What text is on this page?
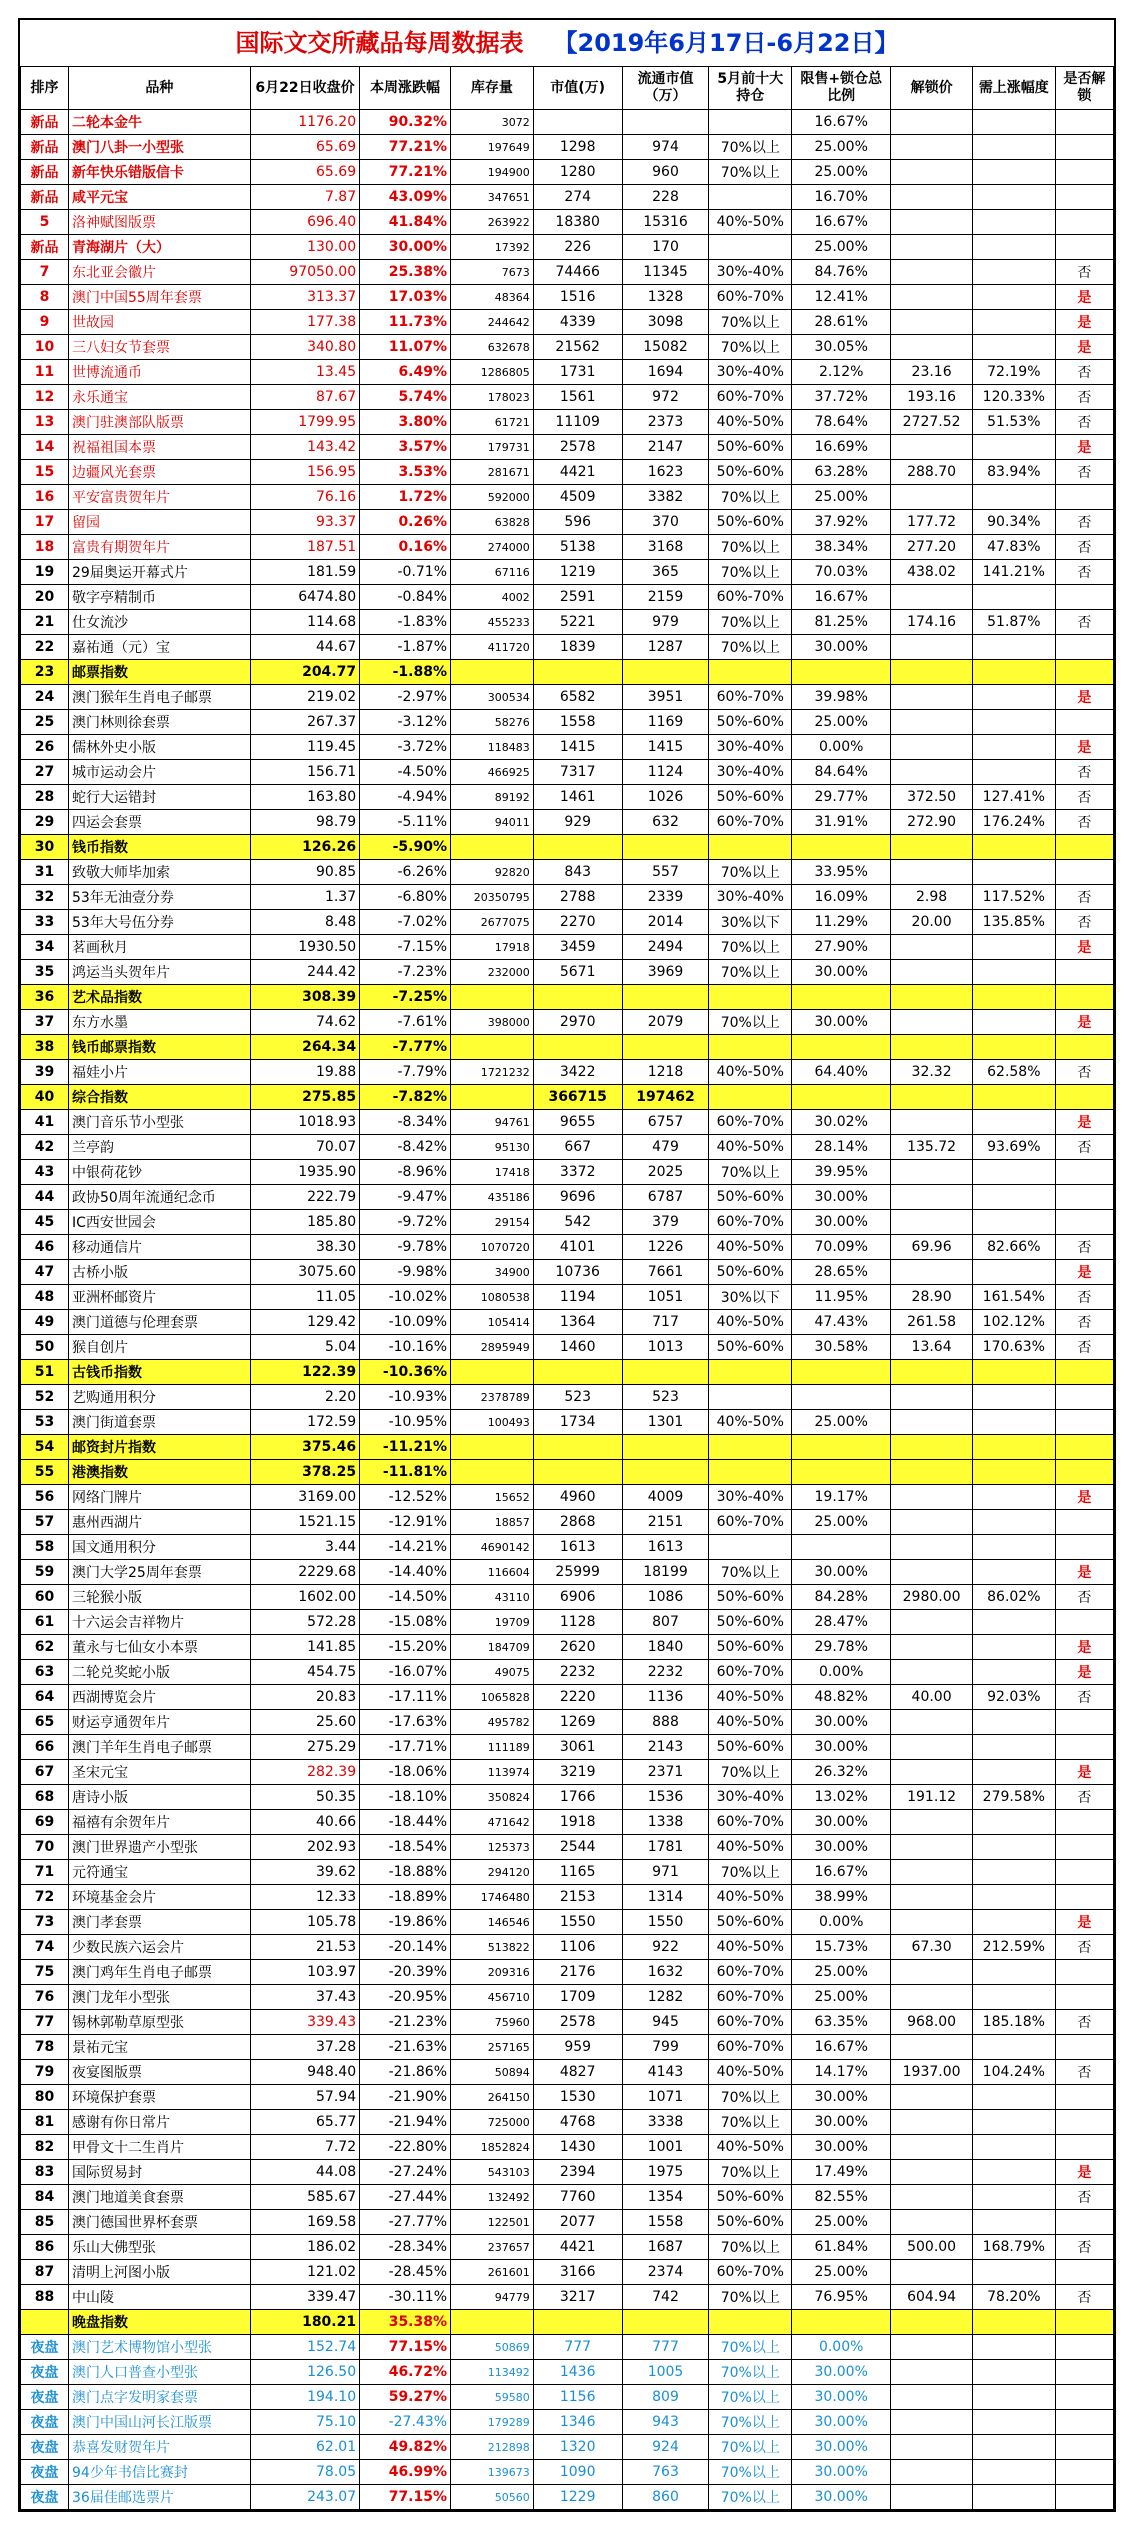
国际文交所藏品每周数据表 【2019年6月17日-6月22日】
排序	品种	6月22日收盘价	本周涨跌幅	库存量	市值(万)	流通市值（万）	5月前十大持仓	限售+锁仓总比例	解锁价	需上涨幅度	是否解锁
新品	二轮本金牛	1176.20	90.32%	3072				16.67%			
新品	澳门八卦一小型张	65.69	77.21%	197649	1298	974	70%以上	25.00%			
新品	新年快乐错版信卡	65.69	77.21%	194900	1280	960	70%以上	25.00%			
新品	咸平元宝	7.87	43.09%	347651	274	228		16.70%			
5	洛神赋图版票	696.40	41.84%	263922	18380	15316	40%-50%	16.67%			
新品	青海湖片（大）	130.00	30.00%	17392	226	170		25.00%			
7	东北亚会徽片	97050.00	25.38%	7673	74466	11345	30%-40%	84.76%			否
8	澳门中国55周年套票	313.37	17.03%	48364	1516	1328	60%-70%	12.41%			是
9	世故园	177.38	11.73%	244642	4339	3098	70%以上	28.61%			是
10	三八妇女节套票	340.80	11.07%	632678	21562	15082	70%以上	30.05%			是
11	世博流通币	13.45	6.49%	1286805	1731	1694	30%-40%	2.12%	23.16	72.19%	否
12	永乐通宝	87.67	5.74%	178023	1561	972	60%-70%	37.72%	193.16	120.33%	否
13	澳门驻澳部队版票	1799.95	3.80%	61721	11109	2373	40%-50%	78.64%	2727.52	51.53%	否
14	祝福祖国本票	143.42	3.57%	179731	2578	2147	50%-60%	16.69%			是
15	边疆风光套票	156.95	3.53%	281671	4421	1623	50%-60%	63.28%	288.70	83.94%	否
16	平安富贵贺年片	76.16	1.72%	592000	4509	3382	70%以上	25.00%			
17	留园	93.37	0.26%	63828	596	370	50%-60%	37.92%	177.72	90.34%	否
18	富贵有期贺年片	187.51	0.16%	274000	5138	3168	70%以上	38.34%	277.20	47.83%	否
19	29届奥运开幕式片	181.59	-0.71%	67116	1219	365	70%以上	70.03%	438.02	141.21%	否
20	敬字亭精制币	6474.80	-0.84%	4002	2591	2159	60%-70%	16.67%			
21	仕女流沙	114.68	-1.83%	455233	5221	979	70%以上	81.25%	174.16	51.87%	否
22	嘉祐通（元）宝	44.67	-1.87%	411720	1839	1287	70%以上	30.00%			
23	邮票指数	204.77	-1.88%								
24	澳门猴年生肖电子邮票	219.02	-2.97%	300534	6582	3951	60%-70%	39.98%			是
25	澳门林则徐套票	267.37	-3.12%	58276	1558	1169	50%-60%	25.00%			
26	儒林外史小版	119.45	-3.72%	118483	1415	1415	30%-40%	0.00%			是
27	城市运动会片	156.71	-4.50%	466925	7317	1124	30%-40%	84.64%			否
28	蛇行大运错封	163.80	-4.94%	89192	1461	1026	50%-60%	29.77%	372.50	127.41%	否
29	四运会套票	98.79	-5.11%	94011	929	632	60%-70%	31.91%	272.90	176.24%	否
30	钱币指数	126.26	-5.90%								
31	致敬大师毕加索	90.85	-6.26%	92820	843	557	70%以上	33.95%			
32	53年无油壹分券	1.37	-6.80%	20350795	2788	2339	30%-40%	16.09%	2.98	117.52%	否
33	53年大号伍分券	8.48	-7.02%	2677075	2270	2014	30%以下	11.29%	20.00	135.85%	否
34	茗画秋月	1930.50	-7.15%	17918	3459	2494	70%以上	27.90%			是
35	鸿运当头贺年片	244.42	-7.23%	232000	5671	3969	70%以上	30.00%			
36	艺术品指数	308.39	-7.25%								
37	东方水墨	74.62	-7.61%	398000	2970	2079	70%以上	30.00%			是
38	钱币邮票指数	264.34	-7.77%								
39	福娃小片	19.88	-7.79%	1721232	3422	1218	40%-50%	64.40%	32.32	62.58%	否
40	综合指数	275.85	-7.82%		366715	197462					
41	澳门音乐节小型张	1018.93	-8.34%	94761	9655	6757	60%-70%	30.02%			是
42	兰亭韵	70.07	-8.42%	95130	667	479	40%-50%	28.14%	135.72	93.69%	否
43	中银荷花钞	1935.90	-8.96%	17418	3372	2025	70%以上	39.95%			
44	政协50周年流通纪念币	222.79	-9.47%	435186	9696	6787	50%-60%	30.00%			
45	IC西安世园会	185.80	-9.72%	29154	542	379	60%-70%	30.00%			
46	移动通信片	38.30	-9.78%	1070720	4101	1226	40%-50%	70.09%	69.96	82.66%	否
47	古桥小版	3075.60	-9.98%	34900	10736	7661	50%-60%	28.65%			是
48	亚洲杯邮资片	11.05	-10.02%	1080538	1194	1051	30%以下	11.95%	28.90	161.54%	否
49	澳门道德与伦理套票	129.42	-10.09%	105414	1364	717	40%-50%	47.43%	261.58	102.12%	否
50	猴自创片	5.04	-10.16%	2895949	1460	1013	50%-60%	30.58%	13.64	170.63%	否
51	古钱币指数	122.39	-10.36%								
52	艺购通用积分	2.20	-10.93%	2378789	523	523					
53	澳门街道套票	172.59	-10.95%	100493	1734	1301	40%-50%	25.00%			
54	邮资封片指数	375.46	-11.21%								
55	港澳指数	378.25	-11.81%								
56	网络门牌片	3169.00	-12.52%	15652	4960	4009	30%-40%	19.17%			是
57	惠州西湖片	1521.15	-12.91%	18857	2868	2151	60%-70%	25.00%			
58	国文通用积分	3.44	-14.21%	4690142	1613	1613					
59	澳门大学25周年套票	2229.68	-14.40%	116604	25999	18199	70%以上	30.00%			是
60	三轮猴小版	1602.00	-14.50%	43110	6906	1086	50%-60%	84.28%	2980.00	86.02%	否
61	十六运会吉祥物片	572.28	-15.08%	19709	1128	807	50%-60%	28.47%			
62	董永与七仙女小本票	141.85	-15.20%	184709	2620	1840	50%-60%	29.78%			是
63	二轮兑奖蛇小版	454.75	-16.07%	49075	2232	2232	60%-70%	0.00%			是
64	西湖博览会片	20.83	-17.11%	1065828	2220	1136	40%-50%	48.82%	40.00	92.03%	否
65	财运亨通贺年片	25.60	-17.63%	495782	1269	888	40%-50%	30.00%			
66	澳门羊年生肖电子邮票	275.29	-17.71%	111189	3061	2143	50%-60%	30.00%			
67	圣宋元宝	282.39	-18.06%	113974	3219	2371	70%以上	26.32%			是
68	唐诗小版	50.35	-18.10%	350824	1766	1536	30%-40%	13.02%	191.12	279.58%	否
69	福禧有余贺年片	40.66	-18.44%	471642	1918	1338	60%-70%	30.00%			
70	澳门世界遗产小型张	202.93	-18.54%	125373	2544	1781	40%-50%	30.00%			
71	元符通宝	39.62	-18.88%	294120	1165	971	70%以上	16.67%			
72	环境基金会片	12.33	-18.89%	1746480	2153	1314	40%-50%	38.99%			
73	澳门孝套票	105.78	-19.86%	146546	1550	1550	50%-60%	0.00%			是
74	少数民族六运会片	21.53	-20.14%	513822	1106	922	40%-50%	15.73%	67.30	212.59%	否
75	澳门鸡年生肖电子邮票	103.97	-20.39%	209316	2176	1632	60%-70%	25.00%			
76	澳门龙年小型张	37.43	-20.95%	456710	1709	1282	60%-70%	25.00%			
77	锡林郭勒草原型张	339.43	-21.23%	75960	2578	945	60%-70%	63.35%	968.00	185.18%	否
78	景祐元宝	37.28	-21.63%	257165	959	799	60%-70%	16.67%			
79	夜宴图版票	948.40	-21.86%	50894	4827	4143	40%-50%	14.17%	1937.00	104.24%	否
80	环境保护套票	57.94	-21.90%	264150	1530	1071	70%以上	30.00%			
81	感谢有你日常片	65.77	-21.94%	725000	4768	3338	70%以上	30.00%			
82	甲骨文十二生肖片	7.72	-22.80%	1852824	1430	1001	40%-50%	30.00%			
83	国际贸易封	44.08	-27.24%	543103	2394	1975	70%以上	17.49%			是
84	澳门地道美食套票	585.67	-27.44%	132492	7760	1354	50%-60%	82.55%			否
85	澳门德国世界杯套票	169.58	-27.77%	122501	2077	1558	50%-60%	25.00%			
86	乐山大佛型张	186.02	-28.34%	237657	4421	1687	70%以上	61.84%	500.00	168.79%	否
87	清明上河图小版	121.02	-28.45%	261601	3166	2374	60%-70%	25.00%			
88	中山陵	339.47	-30.11%	94779	3217	742	70%以上	76.95%	604.94	78.20%	否
	晚盘指数	180.21	35.38%								
夜盘	澳门艺术博物馆小型张	152.74	77.15%	50869	777	777	70%以上	0.00%			
夜盘	澳门人口普查小型张	126.50	46.72%	113492	1436	1005	70%以上	30.00%			
夜盘	澳门点字发明家套票	194.10	59.27%	59580	1156	809	70%以上	30.00%			
夜盘	澳门中国山河长江版票	75.10	-27.43%	179289	1346	943	70%以上	30.00%			
夜盘	恭喜发财贺年片	62.01	49.82%	212898	1320	924	70%以上	30.00%			
夜盘	94少年书信比赛封	78.05	46.99%	139673	1090	763	70%以上	30.00%			
夜盘	36届佳邮选票片	243.07	77.15%	50560	1229	860	70%以上	30.00%			
